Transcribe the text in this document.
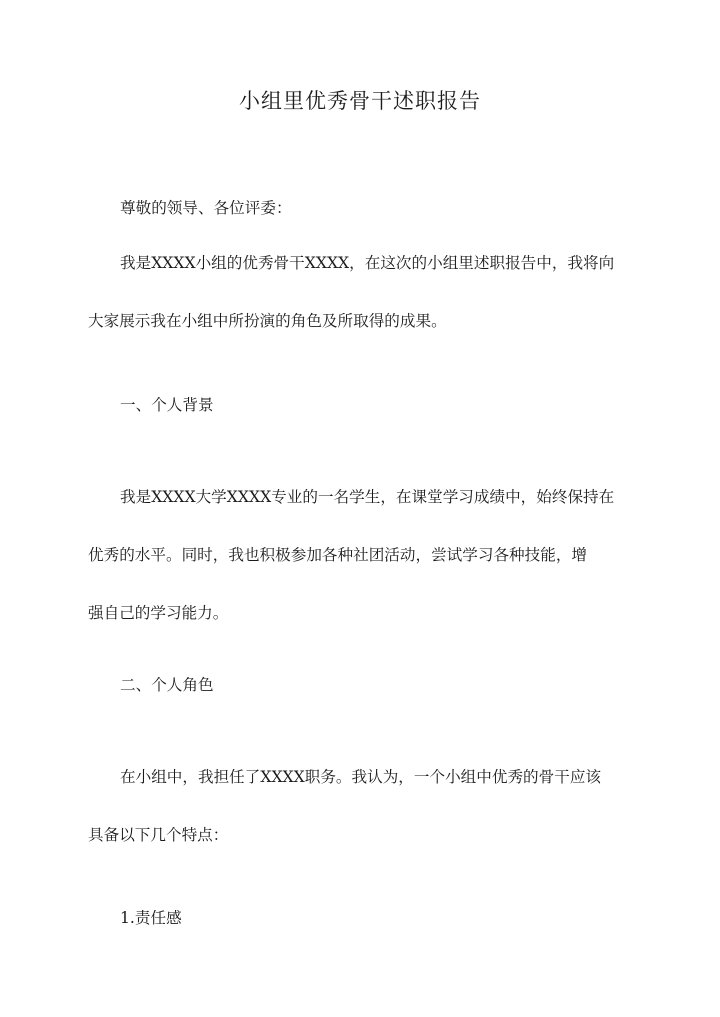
小组里优秀骨干述职报告
尊敬的领导、各位评委：
我是XXXX小组的优秀骨干XXXX，在这次的小组里述职报告中，我将向
大家展示我在小组中所扮演的角色及所取得的成果。
一、个人背景
我是XXXX大学XXXX专业的一名学生，在课堂学习成绩中，始终保持在
优秀的水平。同时，我也积极参加各种社团活动，尝试学习各种技能，增
强自己的学习能力。
二、个人角色
在小组中，我担任了XXXX职务。我认为，一个小组中优秀的骨干应该
具备以下几个特点：
1.责任感
